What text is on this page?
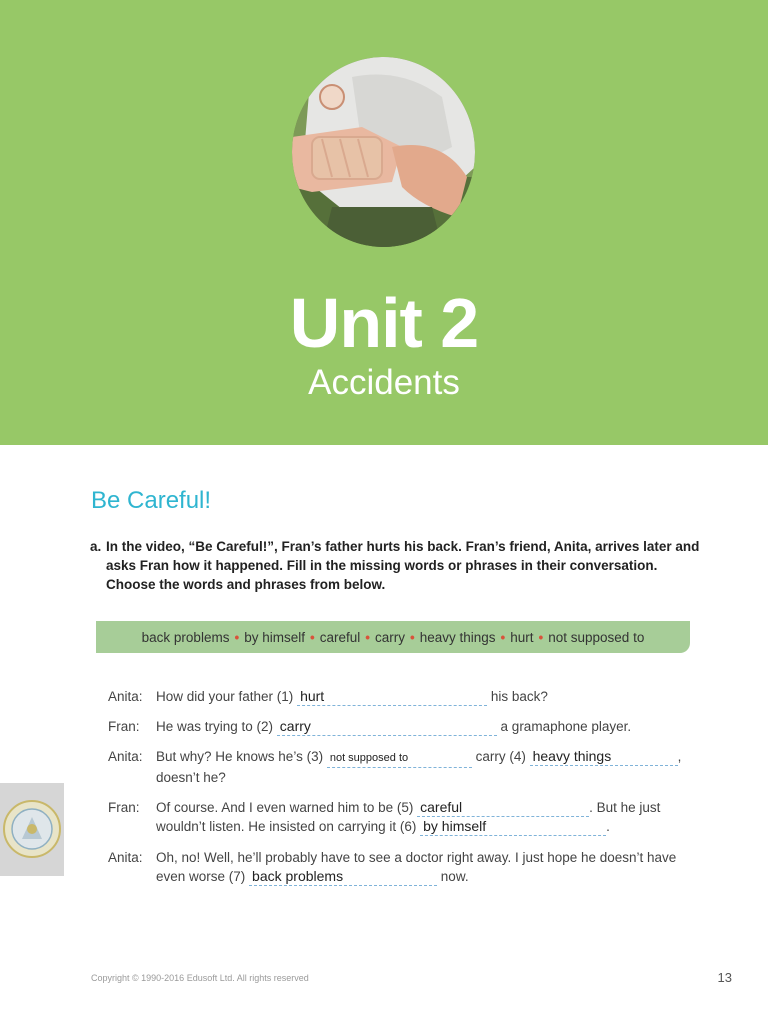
Unit 2
Accidents
Be Careful!
a. In the video, “Be Careful!”, Fran’s father hurts his back. Fran’s friend, Anita, arrives later and asks Fran how it happened. Fill in the missing words or phrases in their conversation. Choose the words and phrases from below.
back problems • by himself • careful • carry • heavy things • hurt • not supposed to
Anita: How did your father (1) hurt	his back?
Fran:	He was trying to (2) carry	a gramaphone player.
Anita: But why? He knows he’s (3) not supposed to	carry (4) heavy things	, doesn’t he?
Fran:	Of course. And I even warned him to be (5) careful	. But he just wouldn’t listen. He insisted on carrying it (6) by himself	.
Anita: Oh, no! Well, he’ll probably have to see a doctor right away. I just hope he doesn’t have even worse (7) back problems	now.
Copyright © 1990-2016 Edusoft Ltd. All rights reserved	13
